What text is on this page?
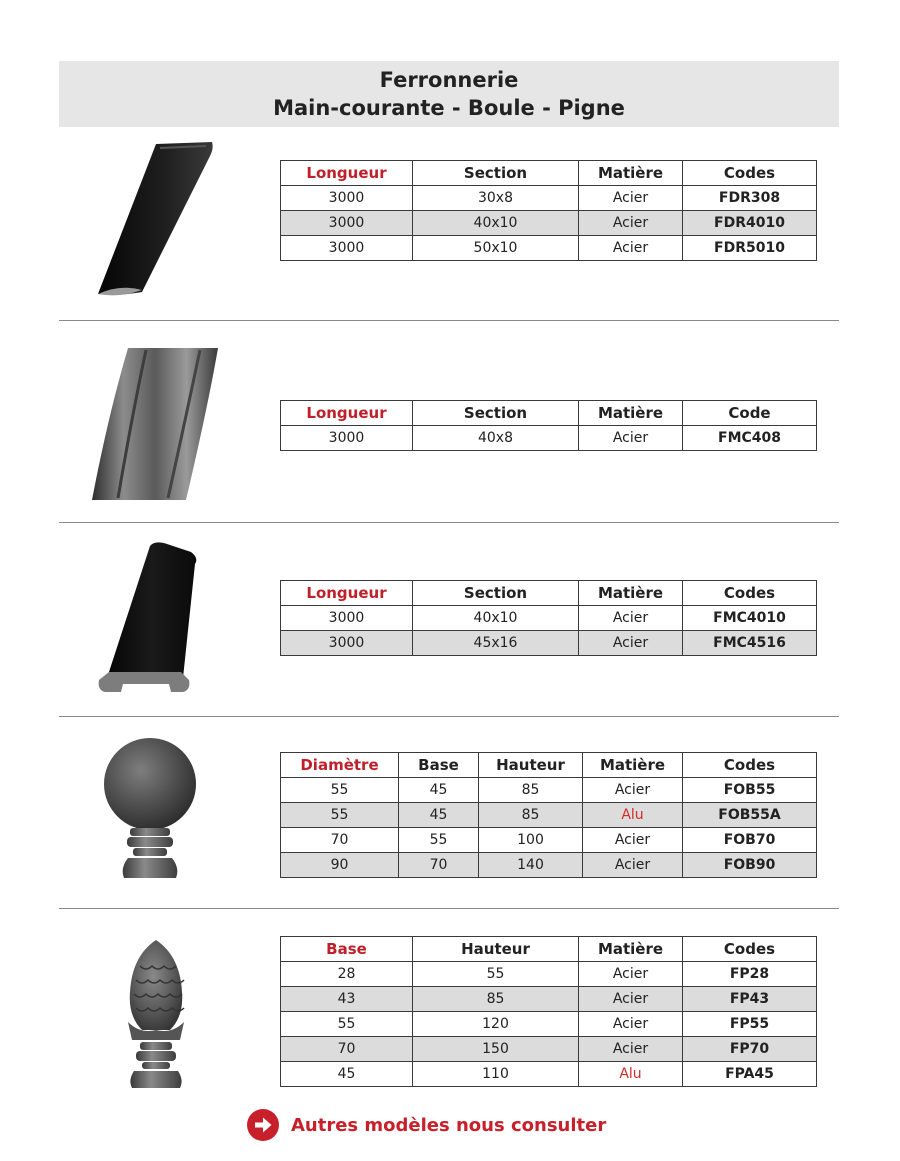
Ferronnerie
Main-courante - Boule - Pigne
Longueur	Section	Matière	Codes
3000	30x8	Acier	FDR308
3000	40x10	Acier	FDR4010
3000	50x10	Acier	FDR5010
Longueur	Section	Matière	Code
3000	40x8	Acier	FMC408
Longueur	Section	Matière	Codes
3000	40x10	Acier	FMC4010
3000	45x16	Acier	FMC4516
Diamètre	Base	Hauteur	Matière	Codes
55	45	85	Acier	FOB55
55	45	85	Alu	FOB55A
70	55	100	Acier	FOB70
90	70	140	Acier	FOB90
Base	Hauteur	Matière	Codes
28	55	Acier	FP28
43	85	Acier	FP43
55	120	Acier	FP55
70	150	Acier	FP70
45	110	Alu	FPA45
Autres modèles nous consulter
